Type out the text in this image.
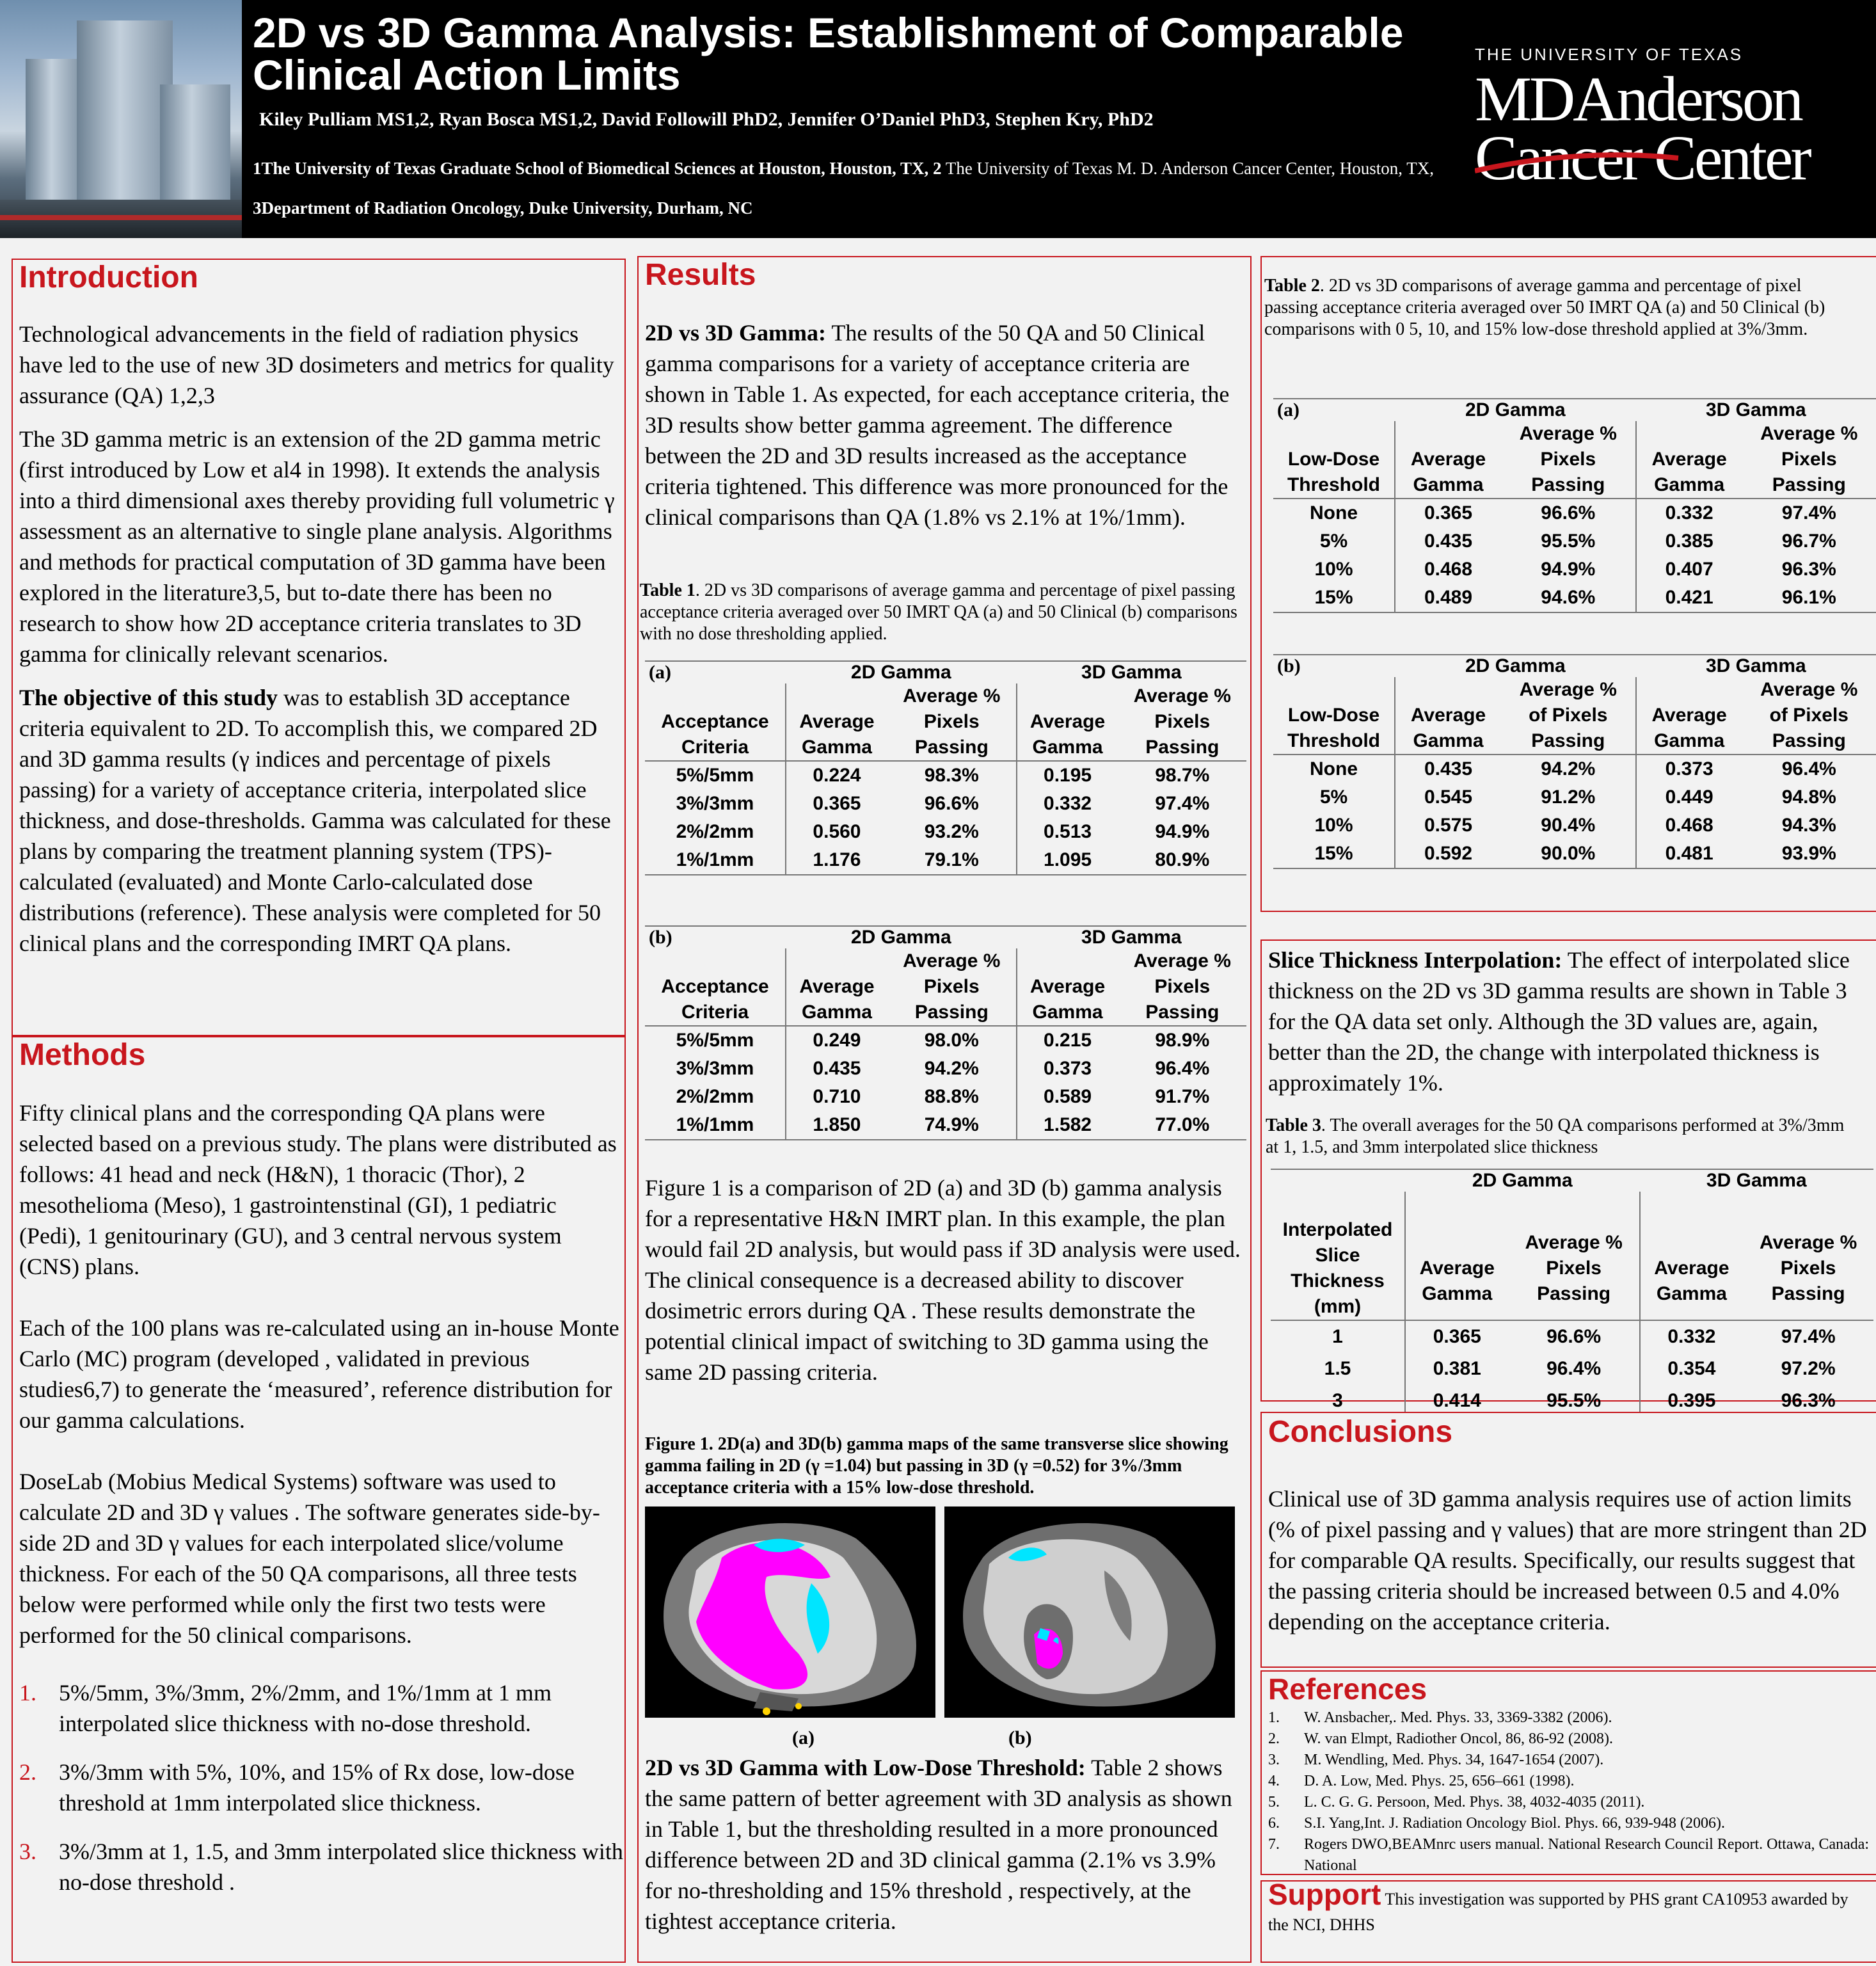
2D vs 3D Gamma Analysis: Establishment of Comparable Clinical Action Limits
Kiley Pulliam MS1,2, Ryan Bosca MS1,2, David Followill PhD2, Jennifer O’Daniel PhD3, Stephen Kry, PhD2
1The University of Texas Graduate School of Biomedical Sciences at Houston, Houston, TX, 2 The University of Texas M. D. Anderson Cancer Center, Houston, TX, 3Department of Radiation Oncology, Duke University, Durham, NC
THE UNIVERSITY OF TEXAS
MDAnderson
Cancer Center
Introduction

Technological advancements in the field of radiation physics have led to the use of new 3D dosimeters and metrics for quality assurance (QA) 1,2,3

The 3D gamma metric is an extension of the 2D gamma metric (first introduced by Low et al4 in 1998). It extends the analysis into a third dimensional axes thereby providing full volumetric γ assessment as an alternative to single plane analysis. Algorithms and methods for practical computation of 3D gamma have been explored in the literature3,5, but to-date there has been no research to show how 2D acceptance criteria translates to 3D gamma for clinically relevant scenarios.

The objective of this study was to establish 3D acceptance criteria equivalent to 2D. To accomplish this, we compared 2D and 3D gamma results (γ indices and percentage of pixels passing) for a variety of acceptance criteria, interpolated slice thickness, and dose-thresholds. Gamma was calculated for these plans by comparing the treatment planning system (TPS)-calculated (evaluated) and Monte Carlo-calculated dose distributions (reference). These analysis were completed for 50 clinical plans and the corresponding IMRT QA plans.

Methods

Fifty clinical plans and the corresponding QA plans were selected based on a previous study. The plans were distributed as follows: 41 head and neck (H&N), 1 thoracic (Thor), 2 mesothelioma (Meso), 1 gastrointenstinal (GI), 1 pediatric (Pedi), 1 genitourinary (GU), and 3 central nervous system (CNS) plans.

Each of the 100 plans was re-calculated using an in-house Monte Carlo (MC) program (developed , validated in previous studies6,7) to generate the ‘measured’, reference distribution for our gamma calculations.

DoseLab (Mobius Medical Systems) software was used to calculate 2D and 3D γ values . The software generates side-by-side 2D and 3D γ values for each interpolated slice/volume thickness. For each of the 50 QA comparisons, all three tests below were performed while only the first two tests were performed for the 50 clinical comparisons.

1. 5%/5mm, 3%/3mm, 2%/2mm, and 1%/1mm at 1 mm interpolated slice thickness with no-dose threshold.
2. 3%/3mm with 5%, 10%, and 15% of Rx dose, low-dose threshold at 1mm interpolated slice thickness.
3. 3%/3mm at 1, 1.5, and 3mm interpolated slice thickness with no-dose threshold .
Results

2D vs 3D Gamma: The results of the 50 QA and 50 Clinical gamma comparisons for a variety of acceptance criteria are shown in Table 1. As expected, for each acceptance criteria, the 3D results show better gamma agreement. The difference between the 2D and 3D results increased as the acceptance criteria tightened. This difference was more pronounced for the clinical comparisons than QA (1.8% vs 2.1% at 1%/1mm).

Table 1. 2D vs 3D comparisons of average gamma and percentage of pixel passing acceptance criteria averaged over 50 IMRT QA (a) and 50 Clinical (b) comparisons with no dose thresholding applied.
(a)	2D Gamma		3D Gamma	

Acceptance
Criteria	Average
Gamma	Average %
Pixels
Passing	Average
Gamma	Average %
Pixels
Passing
5%/5mm	0.224	98.3%	0.195	98.7%
3%/3mm	0.365	96.6%	0.332	97.4%
2%/2mm	0.560	93.2%	0.513	94.9%
1%/1mm	1.176	79.1%	1.095	80.9%
(b)	2D Gamma		3D Gamma	

Acceptance
Criteria	Average
Gamma	Average %
Pixels
Passing	Average
Gamma	Average %
Pixels
Passing
5%/5mm	0.249	98.0%	0.215	98.9%
3%/3mm	0.435	94.2%	0.373	96.4%
2%/2mm	0.710	88.8%	0.589	91.7%
1%/1mm	1.850	74.9%	1.582	77.0%

Figure 1 is a comparison of 2D (a) and 3D (b) gamma analysis for a representative H&N IMRT plan. In this example, the plan would fail 2D analysis, but would pass if 3D analysis were used. The clinical consequence is a decreased ability to discover dosimetric errors during QA . These results demonstrate the potential clinical impact of switching to 3D gamma using the same 2D passing criteria.

Figure 1. 2D(a) and 3D(b) gamma maps of the same transverse slice showing gamma failing in 2D (γ =1.04) but passing in 3D (γ =0.52) for 3%/3mm acceptance criteria with a 15% low-dose threshold.
(a)	(b)

2D vs 3D Gamma with Low-Dose Threshold: Table 2 shows the same pattern of better agreement with 3D analysis as shown in Table 1, but the thresholding resulted in a more pronounced difference between 2D and 3D clinical gamma (2.1% vs 3.9% for no-thresholding and 15% threshold , respectively, at the tightest acceptance criteria.

Table 2. 2D vs 3D comparisons of average gamma and percentage of pixel passing acceptance criteria averaged over 50 IMRT QA (a) and 50 Clinical (b) comparisons with 0 5, 10, and 15% low-dose threshold applied at 3%/3mm.
(a)	2D Gamma		3D Gamma	

Low-Dose
Threshold	Average
Gamma	Average %
Pixels
Passing	Average
Gamma	Average %
Pixels
Passing
None	0.365	96.6%	0.332	97.4%
5%	0.435	95.5%	0.385	96.7%
10%	0.468	94.9%	0.407	96.3%
15%	0.489	94.6%	0.421	96.1%
(b)	2D Gamma		3D Gamma	

Low-Dose
Threshold	Average
Gamma	Average %
of Pixels
Passing	Average
Gamma	Average %
of Pixels
Passing
None	0.435	94.2%	0.373	96.4%
5%	0.545	91.2%	0.449	94.8%
10%	0.575	90.4%	0.468	94.3%
15%	0.592	90.0%	0.481	93.9%

Slice Thickness Interpolation: The effect of interpolated slice thickness on the 2D vs 3D gamma results are shown in Table 3 for the QA data set only. Although the 3D values are, again, better than the 2D, the change with interpolated thickness is approximately 1%.

Table 3. The overall averages for the 50 QA comparisons performed at 3%/3mm at 1, 1.5, and 3mm interpolated slice thickness
	2D Gamma		3D Gamma	

Interpolated
Slice Thickness
(mm)	Average
Gamma	Average %
Pixels
Passing	Average
Gamma	Average %
Pixels
Passing
1	0.365	96.6%	0.332	97.4%
1.5	0.381	96.4%	0.354	97.2%
3	0.414	95.5%	0.395	96.3%
Conclusions

Clinical use of 3D gamma analysis requires use of action limits (% of pixel passing and γ values) that are more stringent than 2D for comparable QA results. Specifically, our results suggest that the passing criteria should be increased between 0.5 and 4.0% depending on the acceptance criteria.

References
1. W. Ansbacher,. Med. Phys. 33, 3369-3382 (2006).
2. W. van Elmpt, Radiother Oncol, 86, 86-92 (2008).
3. M. Wendling, Med. Phys. 34, 1647-1654 (2007).
4. D. A. Low, Med. Phys. 25, 656–661 (1998).
5. L. C. G. G. Persoon, Med. Phys. 38, 4032-4035 (2011).
6. S.I. Yang,Int. J. Radiation Oncology Biol. Phys. 66, 939-948 (2006).
7. Rogers DWO,BEAMnrc users manual. National Research Council Report. Ottawa, Canada: National
Support This investigation was supported by PHS grant CA10953 awarded by the NCI, DHHS
